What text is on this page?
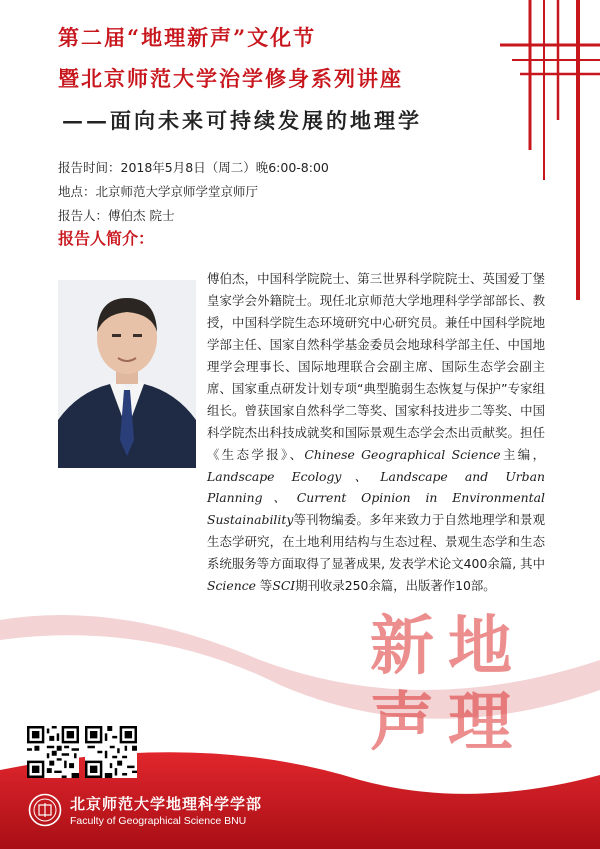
第二届“地理新声”文化节
暨北京师范大学治学修身系列讲座
——面向未来可持续发展的地理学
报告时间：2018年5月8日（周二）晚6:00-8:00
地点：北京师范大学京师学堂京师厅
报告人：傅伯杰 院士
报告人简介：

傅伯杰，中国科学院院士、第三世界科学院院士、英国爱丁堡皇家学会外籍院士。现任北京师范大学地理科学学部部长、教授，中国科学院生态环境研究中心研究员。兼任中国科学院地学部主任、国家自然科学基金委员会地球科学部主任、中国地理学会理事长、国际地理联合会副主席、国际生态学会副主席、国家重点研发计划专项“典型脆弱生态恢复与保护”专家组组长。曾获国家自然科学二等奖、国家科技进步二等奖、中国科学院杰出科技成就奖和国际景观生态学会杰出贡献奖。担任《生态学报》、Chinese Geographical Science主编，Landscape Ecology、Landscape and Urban Planning、Current Opinion in Environmental Sustainability等刊物编委。多年来致力于自然地理学和景观生态学研究，在土地利用结构与生态过程、景观生态学和生态系统服务等方面取得了显著成果, 发表学术论文400余篇, 其中Science 等SCI期刊收录250余篇，出版著作10部。

新 地
声 理
北京师范大学地理科学学部
Faculty of Geographical Science BNU
